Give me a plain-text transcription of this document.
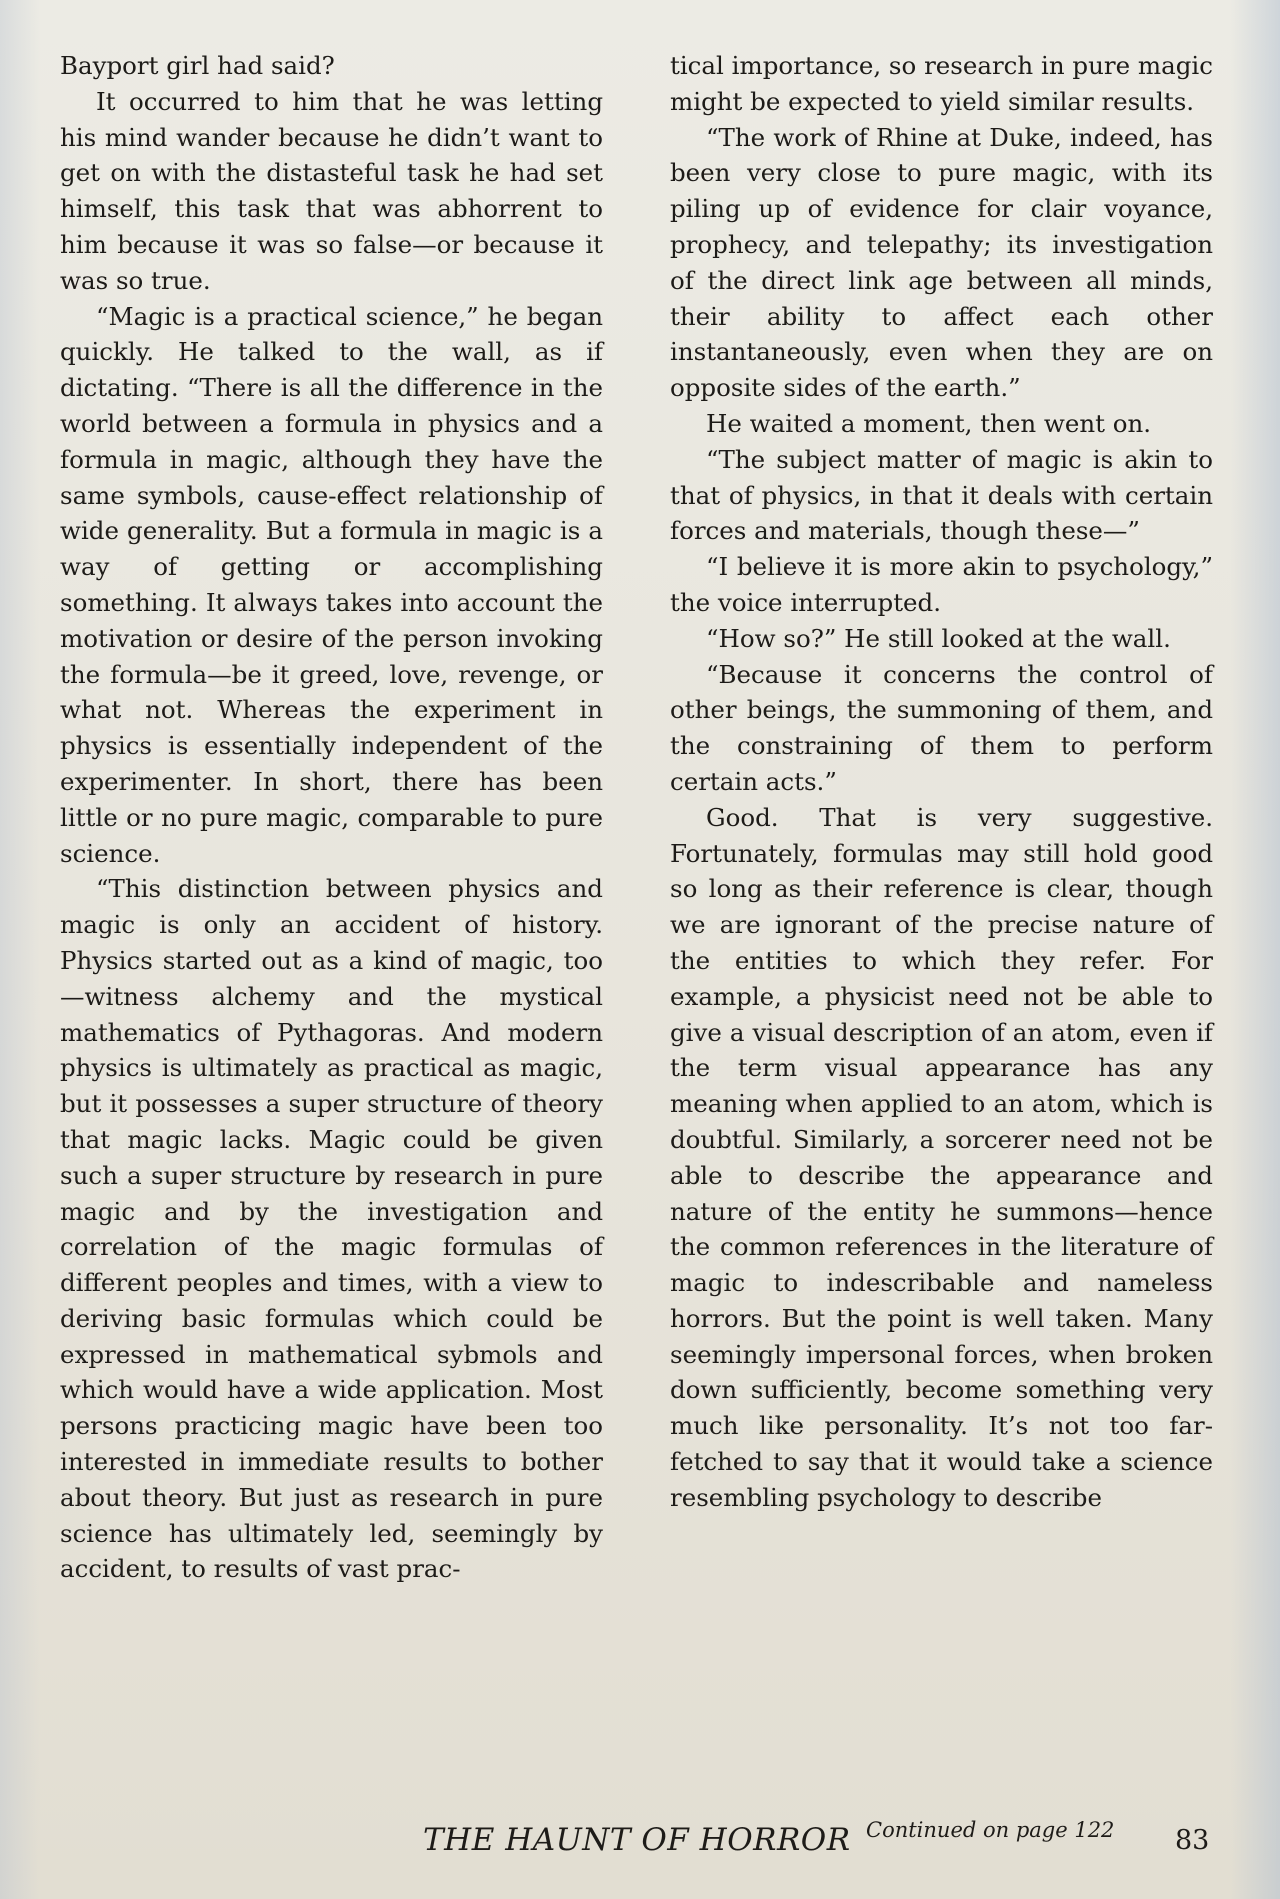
Bayport girl had said?

It occurred to him that he was letting his mind wander because he didn’t want to get on with the distasteful task he had set himself, this task that was abhorrent to him because it was so false—or because it was so true.

“Magic is a practical science,” he began quickly. He talked to the wall, as if dictating. “There is all the difference in the world between a formula in physics and a formula in magic, although they have the same symbols, cause-effect relationship of wide generality. But a formula in magic is a way of getting or accomplishing something. It always takes into account the motivation or desire of the person invoking the formula—be it greed, love, revenge, or what not. Whereas the experiment in physics is essentially independent of the experimenter. In short, there has been little or no pure magic, comparable to pure science.

“This distinction between physics and magic is only an accident of history. Physics started out as a kind of magic, too—witness alchemy and the mystical mathematics of Pythagoras. And modern physics is ultimately as practical as magic, but it possesses a super structure of theory that magic lacks. Magic could be given such a super structure by research in pure magic and by the investigation and correlation of the magic formulas of different peoples and times, with a view to deriving basic formulas which could be expressed in mathematical sybmols and which would have a wide application. Most persons practicing magic have been too interested in immediate results to bother about theory. But just as research in pure science has ultimately led, seemingly by accident, to results of vast prac-

tical importance, so research in pure magic might be expected to yield similar results.

“The work of Rhine at Duke, indeed, has been very close to pure magic, with its piling up of evidence for clair voyance, prophecy, and telepathy; its investigation of the direct link age between all minds, their ability to affect each other instantaneously, even when they are on opposite sides of the earth.”

He waited a moment, then went on.

“The subject matter of magic is akin to that of physics, in that it deals with certain forces and materials, though these—”

“I believe it is more akin to psychology,” the voice interrupted.

“How so?” He still looked at the wall.

“Because it concerns the control of other beings, the summoning of them, and the constraining of them to perform certain acts.”

Good. That is very suggestive. Fortunately, formulas may still hold good so long as their reference is clear, though we are ignorant of the precise nature of the entities to which they refer. For example, a physicist need not be able to give a visual description of an atom, even if the term visual appearance has any meaning when applied to an atom, which is doubtful. Similarly, a sorcerer need not be able to describe the appearance and nature of the entity he summons—hence the common references in the literature of magic to indescribable and nameless horrors. But the point is well taken. Many seemingly impersonal forces, when broken down sufficiently, become something very much like personality. It’s not too far-fetched to say that it would take a science resembling psychology to describe

THE HAUNT OF HORROR Continued on page 122 83
